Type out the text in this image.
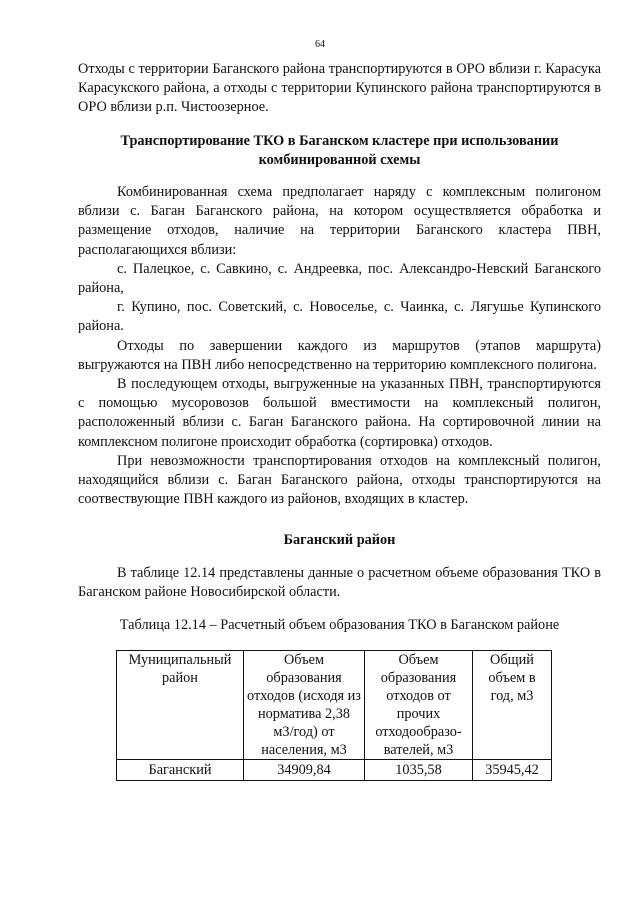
64

Отходы с территории Баганского района транспортируются в ОРО вблизи г. Карасука Карасукского района, а отходы с территории Купинского района транспортируются в ОРО вблизи р.п. Чистоозерное.

Транспортирование ТКО в Баганском кластере при использовании комбинированной схемы

Комбинированная схема предполагает наряду с комплексным полигоном вблизи с. Баган Баганского района, на котором осуществляется обработка и размещение отходов, наличие на территории Баганского кластера ПВН, располагающихся вблизи:

с. Палецкое, с. Савкино, с. Андреевка, пос. Александро-Невский Баганского района,

г. Купино, пос. Советский, с. Новоселье, с. Чаинка, с. Лягушье Купинского района.

Отходы по завершении каждого из маршрутов (этапов маршрута) выгружаются на ПВН либо непосредственно на территорию комплексного полигона.

В последующем отходы, выгруженные на указанных ПВН, транспортируются с помощью мусоровозов большой вместимости на комплексный полигон, расположенный вблизи с. Баган Баганского района. На сортировочной линии на комплексном полигоне происходит обработка (сортировка) отходов.

При невозможности транспортирования отходов на комплексный полигон, находящийся вблизи с. Баган Баганского района, отходы транспортируются на соотвествующие ПВН каждого из районов, входящих в кластер.

Баганский район

В таблице 12.14 представлены данные о расчетном объеме образования ТКО в Баганском районе Новосибирской области.

Таблица 12.14 – Расчетный объем образования ТКО в Баганском районе
Муниципальный район	Объем образования отходов (исходя из норматива 2,38 м3/год) от населения, м3	Объем образования отходов от прочих отходообразо- вателей, м3	Общий объем в год, м3
Баганский	34909,84	1035,58	35945,42
